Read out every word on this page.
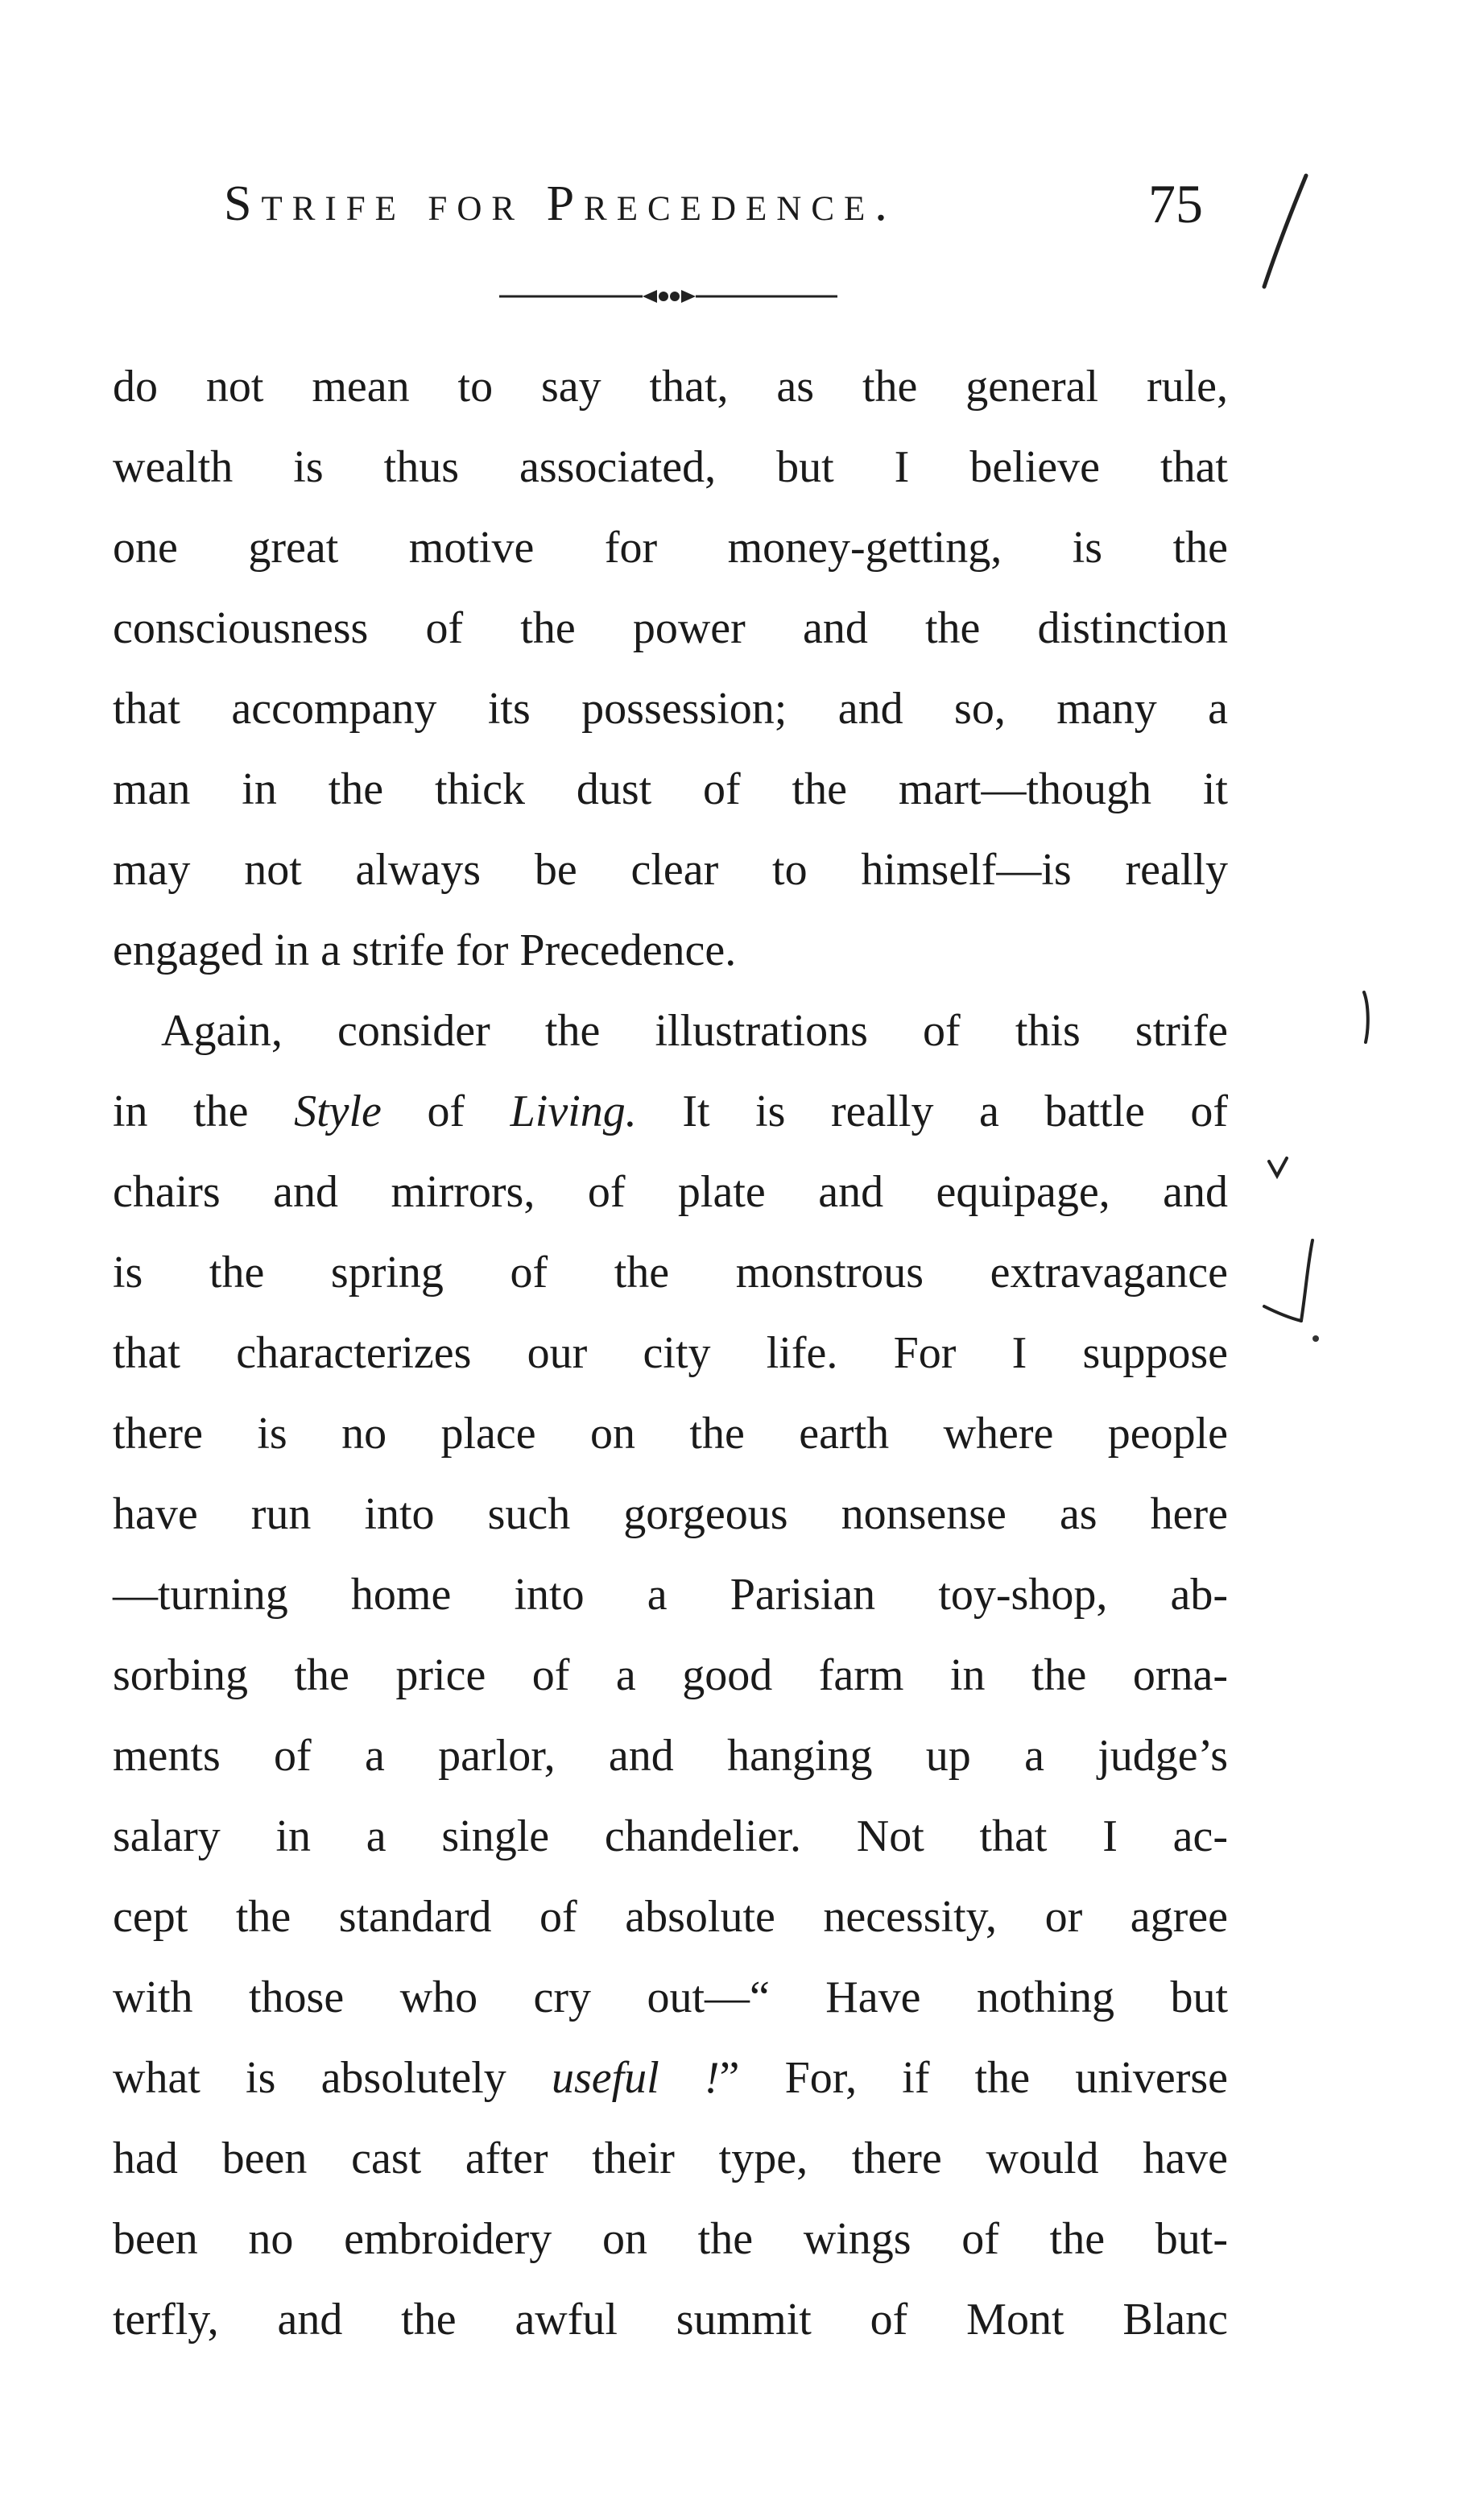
Strife for Precedence.	75
do not mean to say that, as the general rule,
wealth is thus associated, but I believe that
one great motive for money-getting, is the
consciousness of the power and the distinction
that accompany its possession; and so, many a
man in the thick dust of the mart—though it
may not always be clear to himself—is really
engaged in a strife for Precedence.
Again, consider the illustrations of this strife
in the Style of Living. It is really a battle of
chairs and mirrors, of plate and equipage, and
is the spring of the monstrous extravagance
that characterizes our city life. For I suppose
there is no place on the earth where people
have run into such gorgeous nonsense as here
—turning home into a Parisian toy-shop, ab-
sorbing the price of a good farm in the orna-
ments of a parlor, and hanging up a judge’s
salary in a single chandelier. Not that I ac-
cept the standard of absolute necessity, or agree
with those who cry out—“ Have nothing but
what is absolutely useful !” For, if the universe
had been cast after their type, there would have
been no embroidery on the wings of the but-
terfly, and the awful summit of Mont Blanc
